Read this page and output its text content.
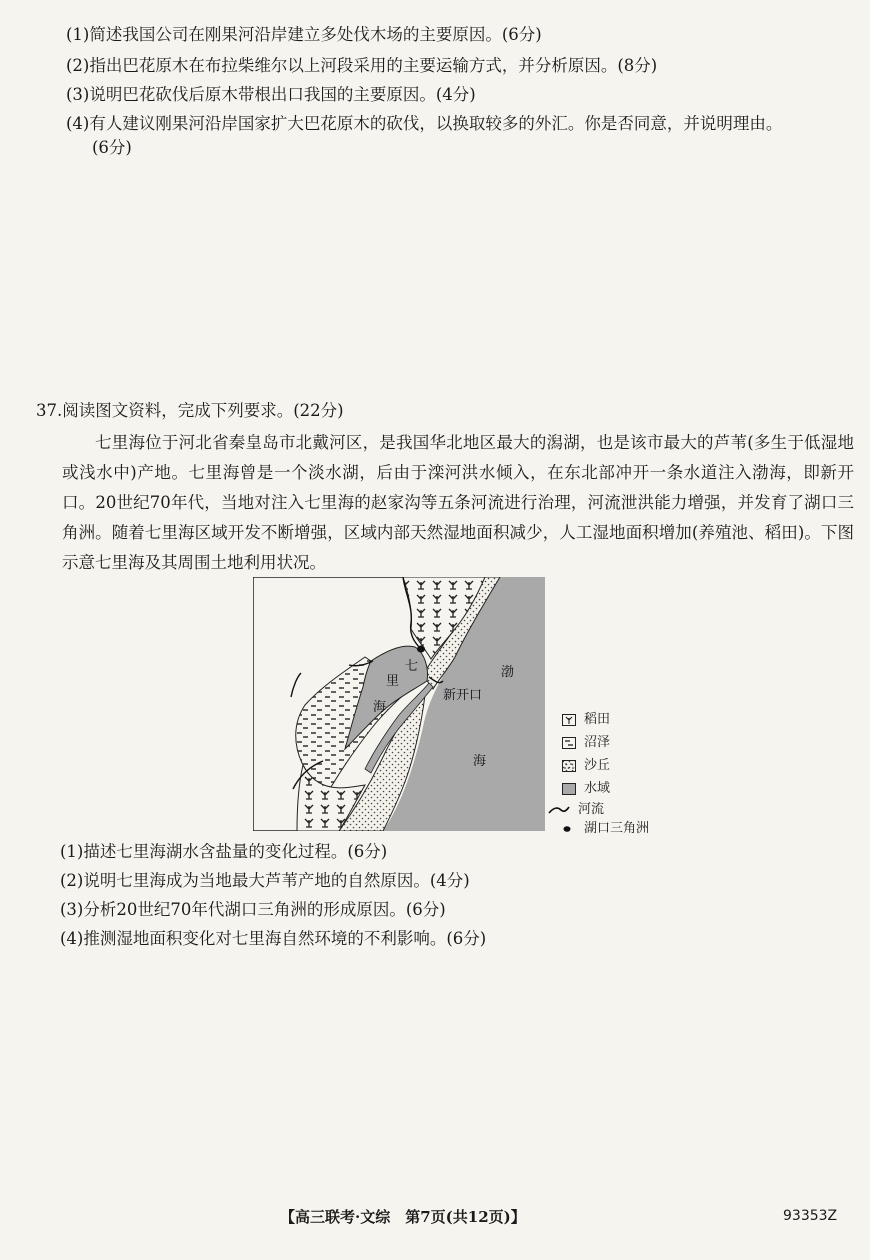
(1)简述我国公司在刚果河沿岸建立多处伐木场的主要原因。(6分)
(2)指出巴花原木在布拉柴维尔以上河段采用的主要运输方式，并分析原因。(8分)
(3)说明巴花砍伐后原木带根出口我国的主要原因。(4分)
(4)有人建议刚果河沿岸国家扩大巴花原木的砍伐，以换取较多的外汇。你是否同意，并说明理由。
(6分)
37.阅读图文资料，完成下列要求。(22分)
七里海位于河北省秦皇岛市北戴河区，是我国华北地区最大的潟湖，也是该市最大的芦苇(多生于低湿地或浅水中)产地。七里海曾是一个淡水湖，后由于滦河洪水倾入，在东北部冲开一条水道注入渤海，即新开口。20世纪70年代，当地对注入七里海的赵家沟等五条河流进行治理，河流泄洪能力增强，并发育了湖口三角洲。随着七里海区域开发不断增强，区域内部天然湿地面积减少，人工湿地面积增加(养殖池、稻田)。下图示意七里海及其周围土地利用状况。
七
里
海
新开口
渤
海
稻田
沼泽
沙丘
水域
河流
湖口三角洲
(1)描述七里海湖水含盐量的变化过程。(6分)
(2)说明七里海成为当地最大芦苇产地的自然原因。(4分)
(3)分析20世纪70年代湖口三角洲的形成原因。(6分)
(4)推测湿地面积变化对七里海自然环境的不利影响。(6分)
【高三联考·文综　第7页(共12页)】	93353Z
